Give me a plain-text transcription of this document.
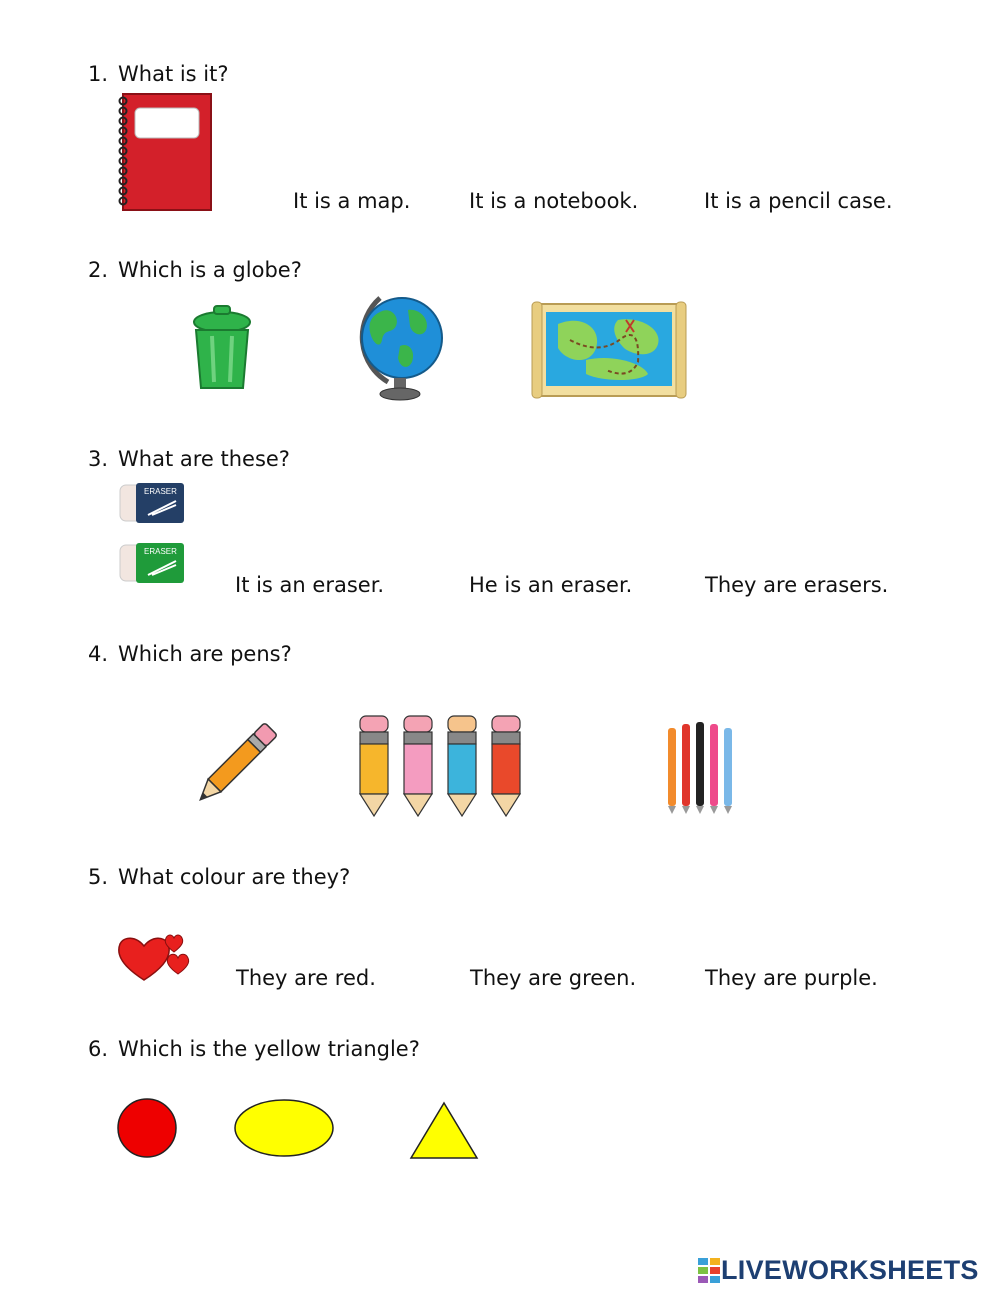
1. What is it?
It is a map.	It is a notebook.	It is a pencil case.
2. Which is a globe?
3. What are these?
ERASER
ERASER
It is an eraser.	He is an eraser.	They are erasers.
4. Which are pens?
5. What colour are they?
They are red.	They are green.	They are purple.
6. Which is the yellow triangle?
LIVEWORKSHEETS
